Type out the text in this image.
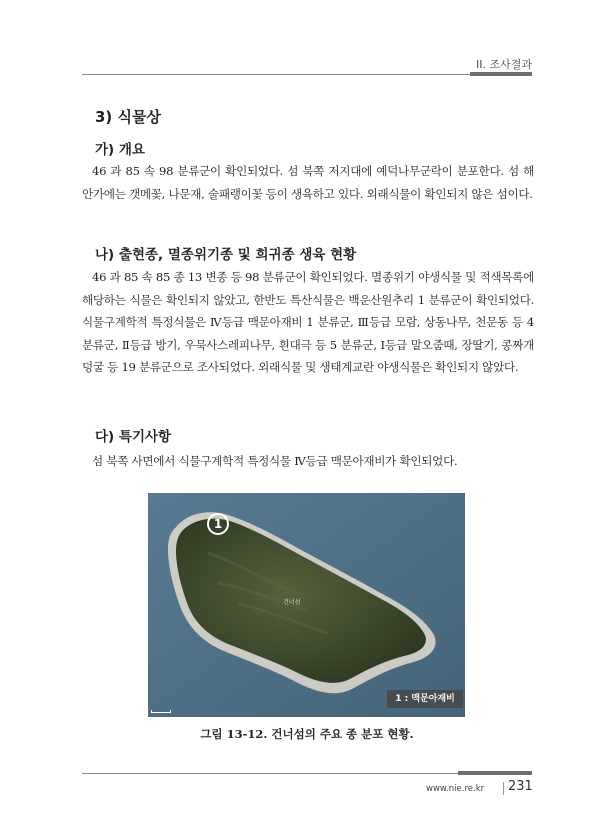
II. 조사결과
3) 식물상
가) 개요
46 과 85 속 98 분류군이 확인되었다. 섬 북쪽 저지대에 예덕나무군락이 분포한다. 섬 해안가에는 갯메꽃, 나문재, 술패랭이꽃 등이 생육하고 있다. 외래식물이 확인되지 않은 섬이다.
나) 출현종, 멸종위기종 및 희귀종 생육 현황
46 과 85 속 85 종 13 변종 등 98 분류군이 확인되었다. 멸종위기 야생식물 및 적색목록에 해당하는 식물은 확인되지 않았고, 한반도 특산식물은 백운산원추리 1 분류군이 확인되었다. 식물구계학적 특정식물은 Ⅳ등급 맥문아재비 1 분류군, Ⅲ등급 모람, 상동나무, 천문동 등 4 분류군, Ⅱ등급 방기, 우묵사스레피나무, 흰대극 등 5 분류군, Ⅰ등급 말오줌때, 장딸기, 콩짜개덩굴 등 19 분류군으로 조사되었다. 외래식물 및 생태계교란 야생식물은 확인되지 않았다.
다) 특기사항
섬 북쪽 사면에서 식물구계학적 특정식물 Ⅳ등급 맥문아재비가 확인되었다.
1
건너섬
1 : 맥문아재비
그림 13-12. 건너섬의 주요 종 분포 현황.
www.nie.re.kr 231
